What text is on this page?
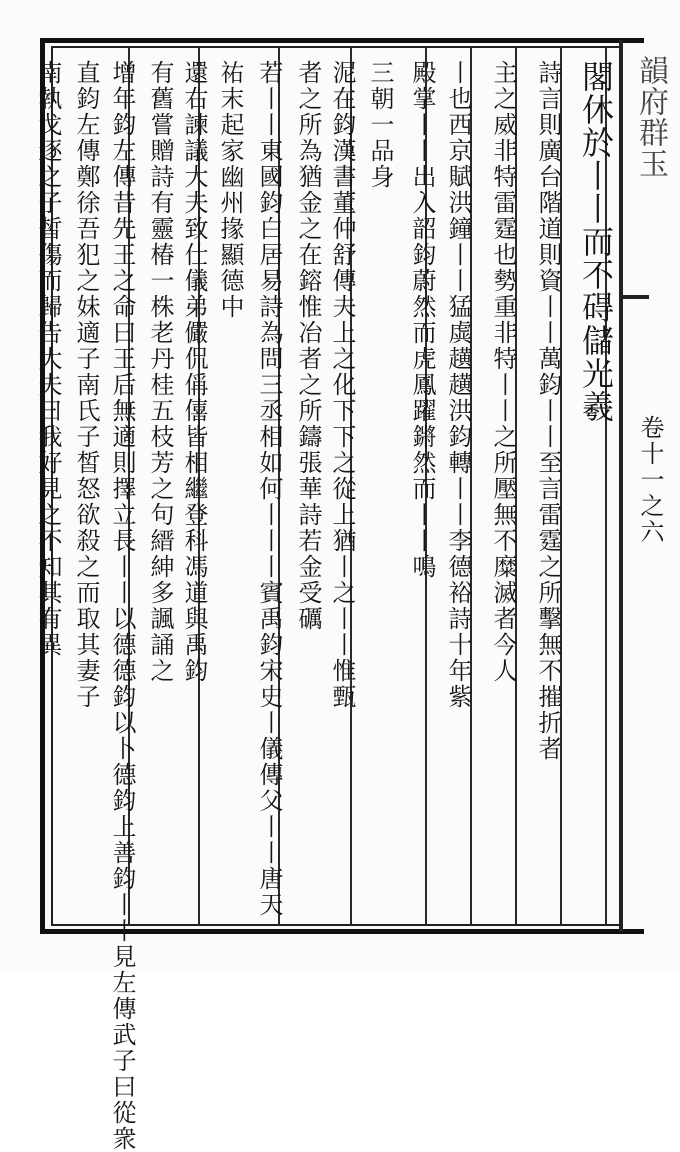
韻府群玉
卷十一之六
閣休於丨丨而不碍儲光羲
詩言則廣台階道則資丨丨萬鈞丨丨至言雷霆之所擊無不摧折者
主之威非特雷霆也勢重非特丨丨之所壓無不糜滅者今人
丨也西京賦洪鐘丨丨猛虡趪趪洪鈞轉丨丨李德裕詩十年紫
殿掌丨丨出入韶鈞蔚然而虎鳳躍鏘然而丨丨鳴
三朝一品身
泥在鈞漢書董仲舒傳夫上之化下下之從上猶丨之丨丨惟甄
者之所為猶金之在鎔惟冶者之所鑄張華詩若金受礪
若丨丨東國鈞白居易詩為問三丞相如何丨丨丨賓禹鈞宋史丨儀傳父丨丨唐天
祐末起家幽州掾顯德中
還右諫議大夫致仕儀弟儼侃偁僖皆相繼登科馮道與禹鈞
有舊嘗贈詩有靈椿一株老丹桂五枝芳之句縉紳多諷誦之
增年鈞左傳昔先王之命曰王后無適則擇立長丨丨以德德鈞以卜德鈞上善鈞丨丨見左傳武子曰從衆
直鈞左傳鄭徐吾犯之妹適子南氏子皙怒欲殺之而取其妻子
南執戈逐之子皙傷而歸告大夫曰我好見之不知其有異
